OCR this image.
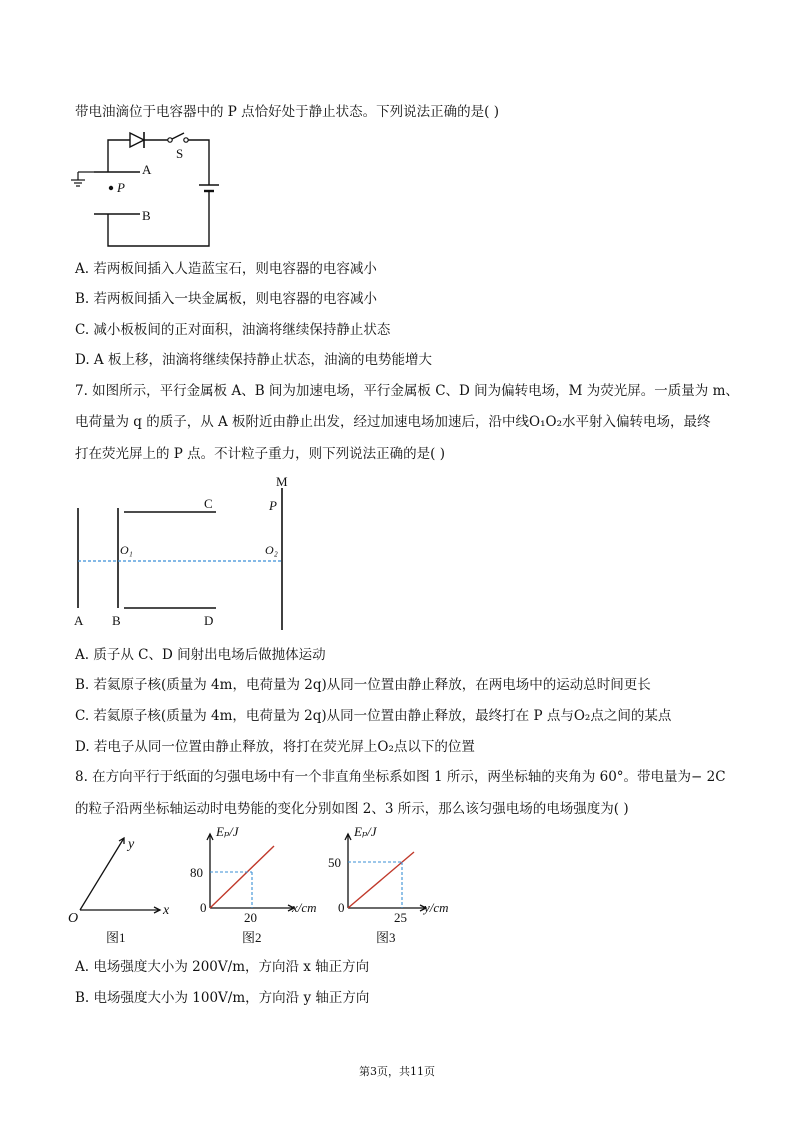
带电油滴位于电容器中的 P 点恰好处于静止状态。下列说法正确的是( )
P
A
B
S
A. 若两板间插入人造蓝宝石，则电容器的电容减小
B. 若两板间插入一块金属板，则电容器的电容减小
C. 减小板板间的正对面积，油滴将继续保持静止状态
D. A 板上移，油滴将继续保持静止状态，油滴的电势能增大
7. 如图所示，平行金属板 A、B 间为加速电场，平行金属板 C、D 间为偏转电场，M 为荧光屏。一质量为 m、
电荷量为 q 的质子，从 A 板附近由静止出发，经过加速电场加速后，沿中线O₁O₂水平射入偏转电场，最终
打在荧光屏上的 P 点。不计粒子重力，则下列说法正确的是( )
A B
C
D
M
P
O₁	O₂
A. 质子从 C、D 间射出电场后做抛体运动
B. 若氦原子核(质量为 4m，电荷量为 2q)从同一位置由静止释放，在两电场中的运动总时间更长
C. 若氦原子核(质量为 4m，电荷量为 2q)从同一位置由静止释放，最终打在 P 点与O₂点之间的某点
D. 若电子从同一位置由静止释放，将打在荧光屏上O₂点以下的位置
8. 在方向平行于纸面的匀强电场中有一个非直角坐标系如图 1 所示，两坐标轴的夹角为 60°。带电量为− 2C
的粒子沿两坐标轴运动时电势能的变化分别如图 2、3 所示，那么该匀强电场的电场强度为( )
O
y
x
图1
Eₚ/J
80
0
20
x/cm
图2
Eₚ/J
50
0
25
y/cm
图3
A. 电场强度大小为 200V/m，方向沿 x 轴正方向
B. 电场强度大小为 100V/m，方向沿 y 轴正方向
第3页，共11页
